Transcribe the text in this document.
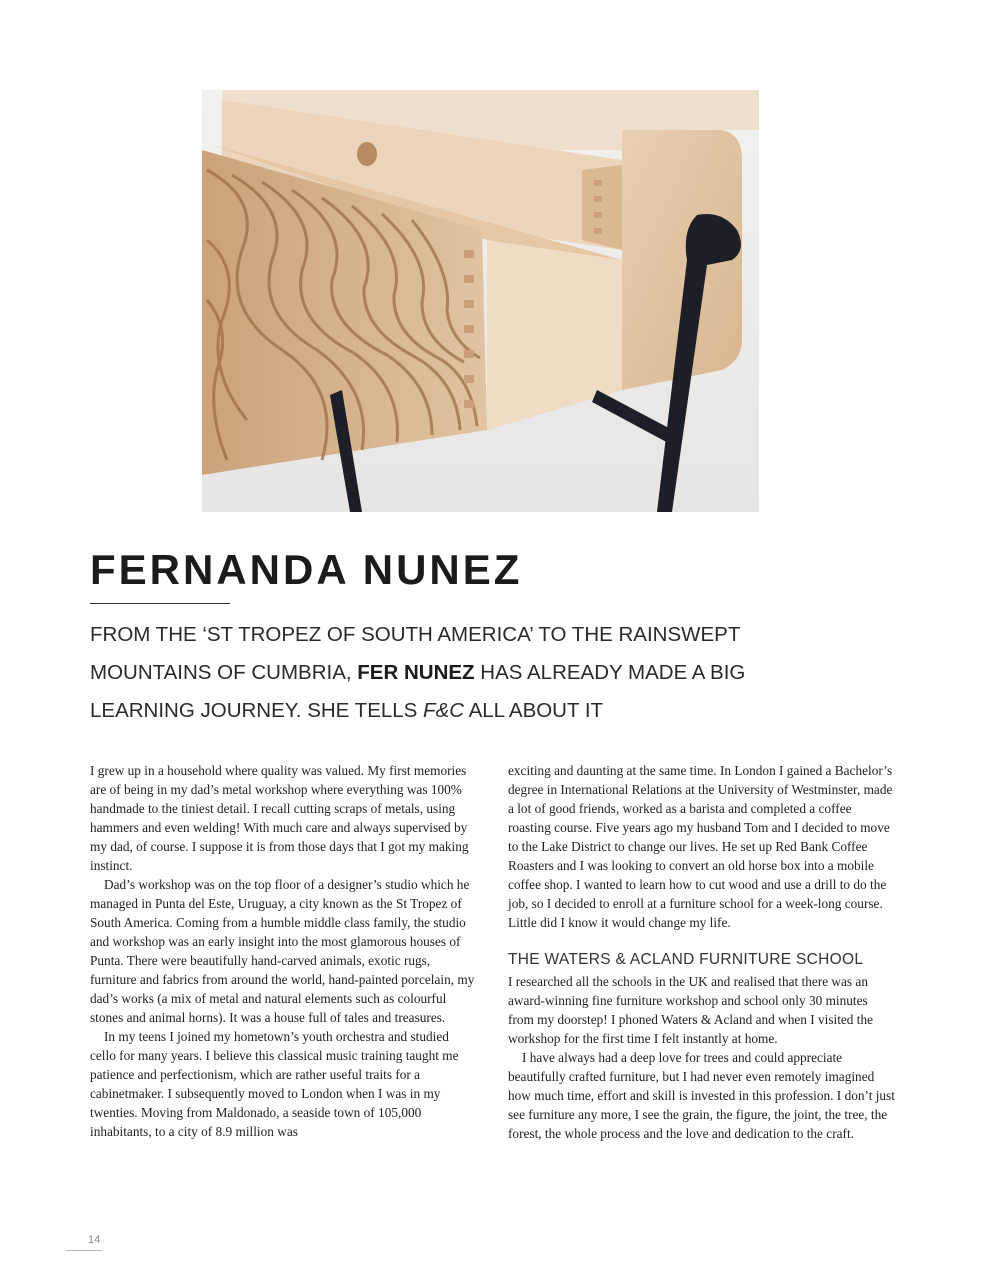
FERNANDA NUNEZ

FROM THE ‘ST TROPEZ OF SOUTH AMERICA’ TO THE RAINSWEPT MOUNTAINS OF CUMBRIA, FER NUNEZ HAS ALREADY MADE A BIG LEARNING JOURNEY. SHE TELLS F&C ALL ABOUT IT

I grew up in a household where quality was valued. My first memories are of being in my dad’s metal workshop where everything was 100% handmade to the tiniest detail. I recall cutting scraps of metals, using hammers and even welding! With much care and always supervised by my dad, of course. I suppose it is from those days that I got my making instinct.

Dad’s workshop was on the top floor of a designer’s studio which he managed in Punta del Este, Uruguay, a city known as the St Tropez of South America. Coming from a humble middle class family, the studio and workshop was an early insight into the most glamorous houses of Punta. There were beautifully hand-carved animals, exotic rugs, furniture and fabrics from around the world, hand-painted porcelain, my dad’s works (a mix of metal and natural elements such as colourful stones and animal horns). It was a house full of tales and treasures.

In my teens I joined my hometown’s youth orchestra and studied cello for many years. I believe this classical music training taught me patience and perfectionism, which are rather useful traits for a cabinetmaker. I subsequently moved to London when I was in my twenties. Moving from Maldonado, a seaside town of 105,000 inhabitants, to a city of 8.9 million was

exciting and daunting at the same time. In London I gained a Bachelor’s degree in International Relations at the University of Westminster, made a lot of good friends, worked as a barista and completed a coffee roasting course. Five years ago my husband Tom and I decided to move to the Lake District to change our lives. He set up Red Bank Coffee Roasters and I was looking to convert an old horse box into a mobile coffee shop. I wanted to learn how to cut wood and use a drill to do the job, so I decided to enroll at a furniture school for a week-long course. Little did I know it would change my life.

THE WATERS & ACLAND FURNITURE SCHOOL

I researched all the schools in the UK and realised that there was an award-winning fine furniture workshop and school only 30 minutes from my doorstep! I phoned Waters & Acland and when I visited the workshop for the first time I felt instantly at home.

I have always had a deep love for trees and could appreciate beautifully crafted furniture, but I had never even remotely imagined how much time, effort and skill is invested in this profession. I don’t just see furniture any more, I see the grain, the figure, the joint, the tree, the forest, the whole process and the love and dedication to the craft.

14
